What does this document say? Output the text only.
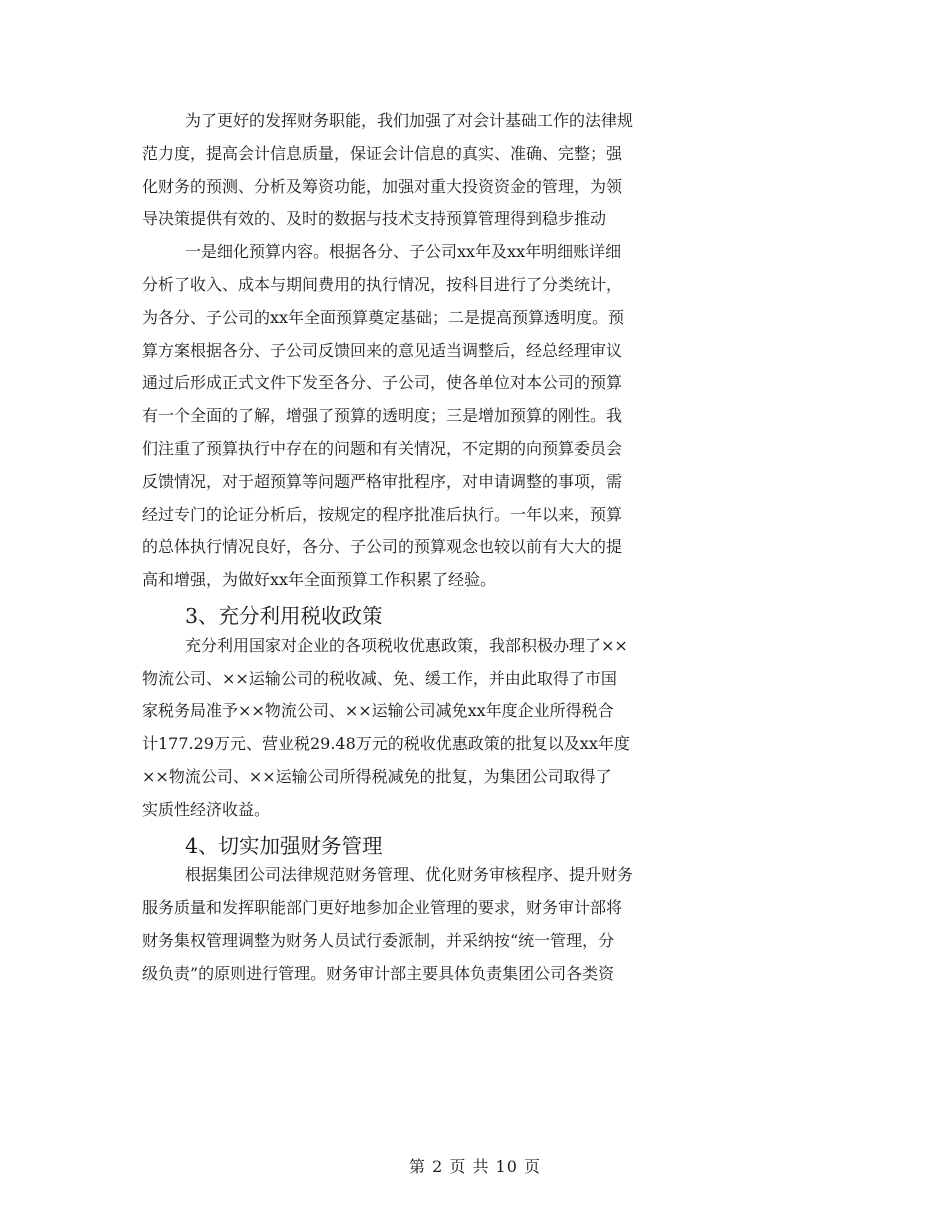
为了更好的发挥财务职能，我们加强了对会计基础工作的法律规
范力度，提高会计信息质量，保证会计信息的真实、准确、完整；强
化财务的预测、分析及筹资功能，加强对重大投资资金的管理，为领
导决策提供有效的、及时的数据与技术支持预算管理得到稳步推动
一是细化预算内容。根据各分、子公司xx年及xx年明细账详细
分析了收入、成本与期间费用的执行情况，按科目进行了分类统计，
为各分、子公司的xx年全面预算奠定基础；二是提高预算透明度。预
算方案根据各分、子公司反馈回来的意见适当调整后，经总经理审议
通过后形成正式文件下发至各分、子公司，使各单位对本公司的预算
有一个全面的了解，增强了预算的透明度；三是增加预算的刚性。我
们注重了预算执行中存在的问题和有关情况，不定期的向预算委员会
反馈情况，对于超预算等问题严格审批程序，对申请调整的事项，需
经过专门的论证分析后，按规定的程序批准后执行。一年以来，预算
的总体执行情况良好，各分、子公司的预算观念也较以前有大大的提
高和增强，为做好xx年全面预算工作积累了经验。
3、充分利用税收政策
充分利用国家对企业的各项税收优惠政策，我部积极办理了××
物流公司、××运输公司的税收减、免、缓工作，并由此取得了市国
家税务局准予××物流公司、××运输公司减免xx年度企业所得税合
计177.29万元、营业税29.48万元的税收优惠政策的批复以及xx年度
××物流公司、××运输公司所得税减免的批复，为集团公司取得了
实质性经济收益。
4、切实加强财务管理
根据集团公司法律规范财务管理、优化财务审核程序、提升财务
服务质量和发挥职能部门更好地参加企业管理的要求，财务审计部将
财务集权管理调整为财务人员试行委派制，并采纳按“统一管理，分
级负责”的原则进行管理。财务审计部主要具体负责集团公司各类资
第 2 页 共 10 页
